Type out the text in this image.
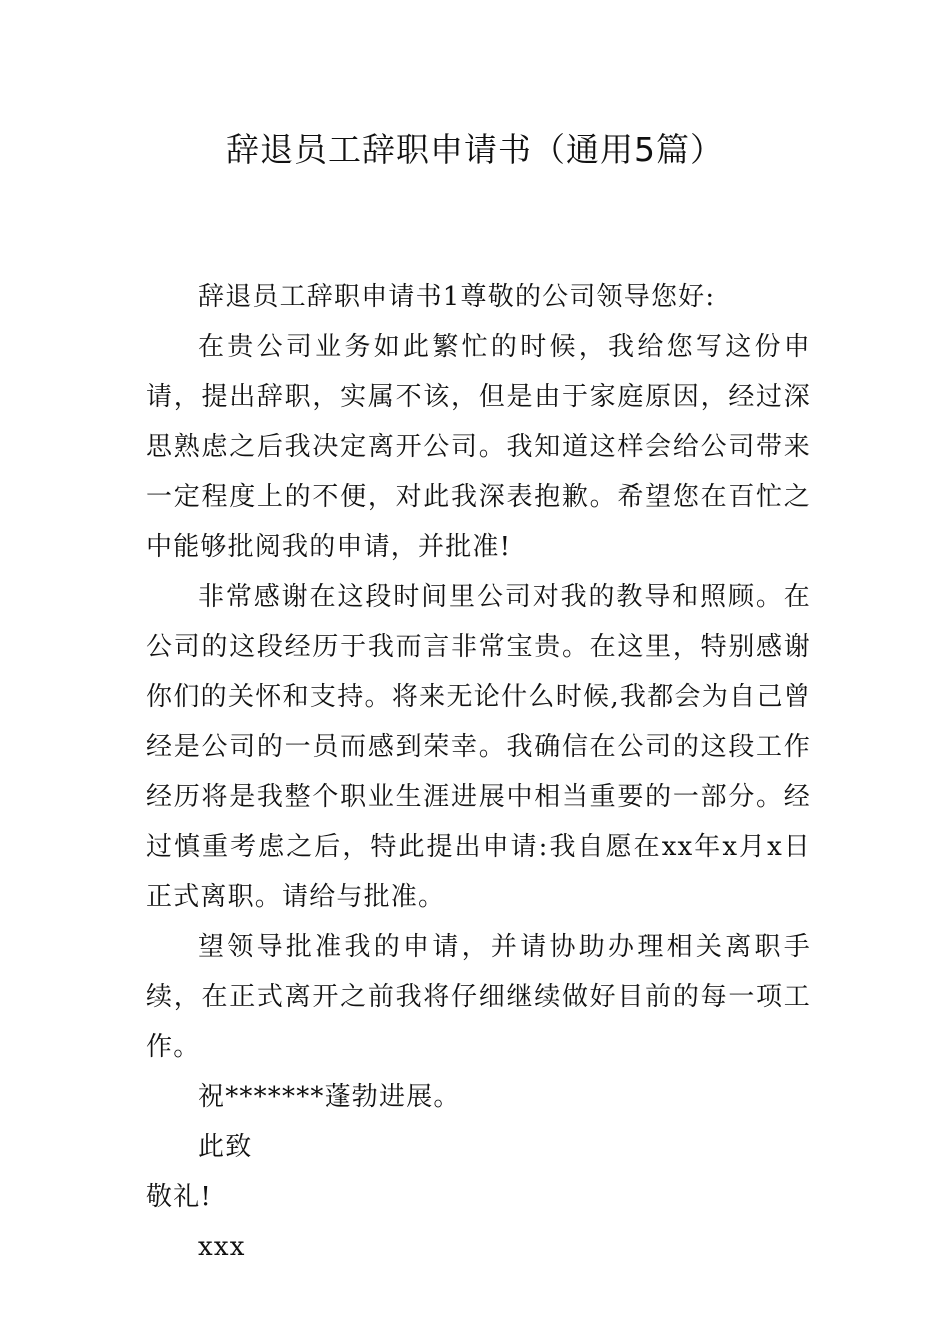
辞退员工辞职申请书（通用5篇）

辞退员工辞职申请书1尊敬的公司领导您好:

在贵公司业务如此繁忙的时候，我给您写这份申请，提出辞职，实属不该，但是由于家庭原因，经过深思熟虑之后我决定离开公司。我知道这样会给公司带来一定程度上的不便，对此我深表抱歉。希望您在百忙之中能够批阅我的申请，并批准!

非常感谢在这段时间里公司对我的教导和照顾。在公司的这段经历于我而言非常宝贵。在这里，特别感谢你们的关怀和支持。将来无论什么时候,我都会为自己曾经是公司的一员而感到荣幸。我确信在公司的这段工作经历将是我整个职业生涯进展中相当重要的一部分。经过慎重考虑之后，特此提出申请:我自愿在xx年x月x日正式离职。请给与批准。

望领导批准我的申请，并请协助办理相关离职手续，在正式离开之前我将仔细继续做好目前的每一项工作。

祝*******蓬勃进展。

此致

敬礼!

xxx
